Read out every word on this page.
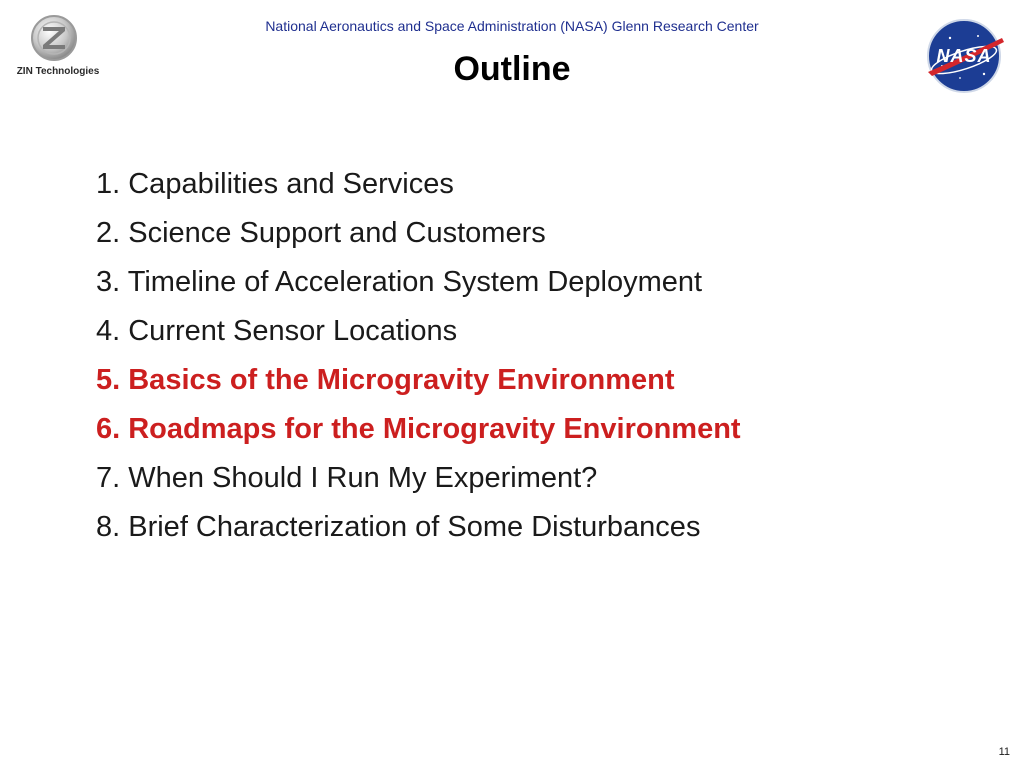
ZIN Technologies
National Aeronautics and Space Administration (NASA) Glenn Research Center
Outline	NASA
1. Capabilities and Services
2. Science Support and Customers
3. Timeline of Acceleration System Deployment
4. Current Sensor Locations
5. Basics of the Microgravity Environment
6. Roadmaps for the Microgravity Environment
7. When Should I Run My Experiment?
8. Brief Characterization of Some Disturbances
11
